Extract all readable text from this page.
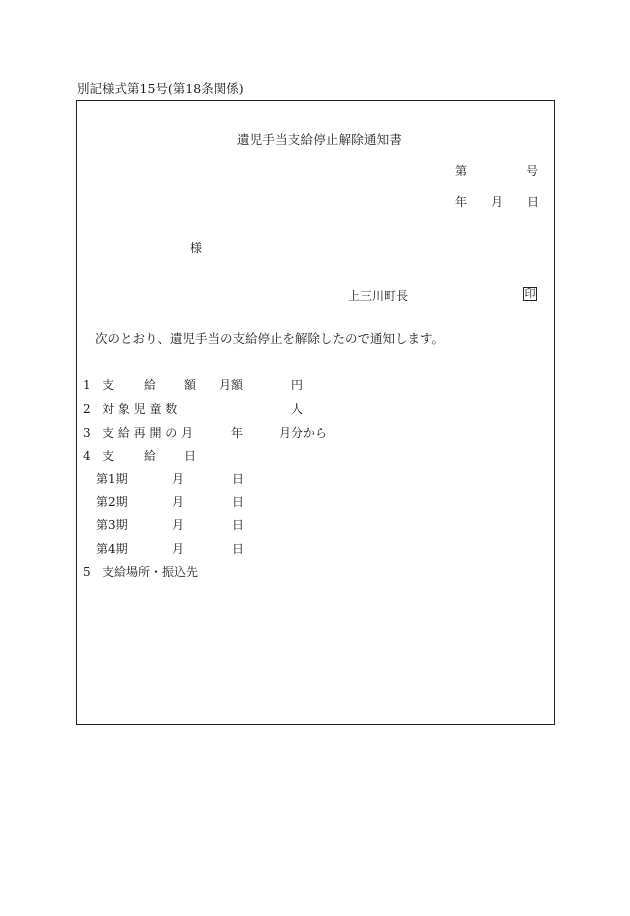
別記様式第15号(第18条関係)
遺児手当支給停止解除通知書
第	号
年 月 日
様
上三川町長	印
次のとおり、遺児手当の支給停止を解除したので通知します。
1 支 給 額 月額	円
2 対 象 児 童 数	人
3 支 給 再 開 の 月	年	月分から
4 支 給 日
第1期	月	日
第2期	月	日
第3期	月	日
第4期	月	日
5 支給場所・振込先
